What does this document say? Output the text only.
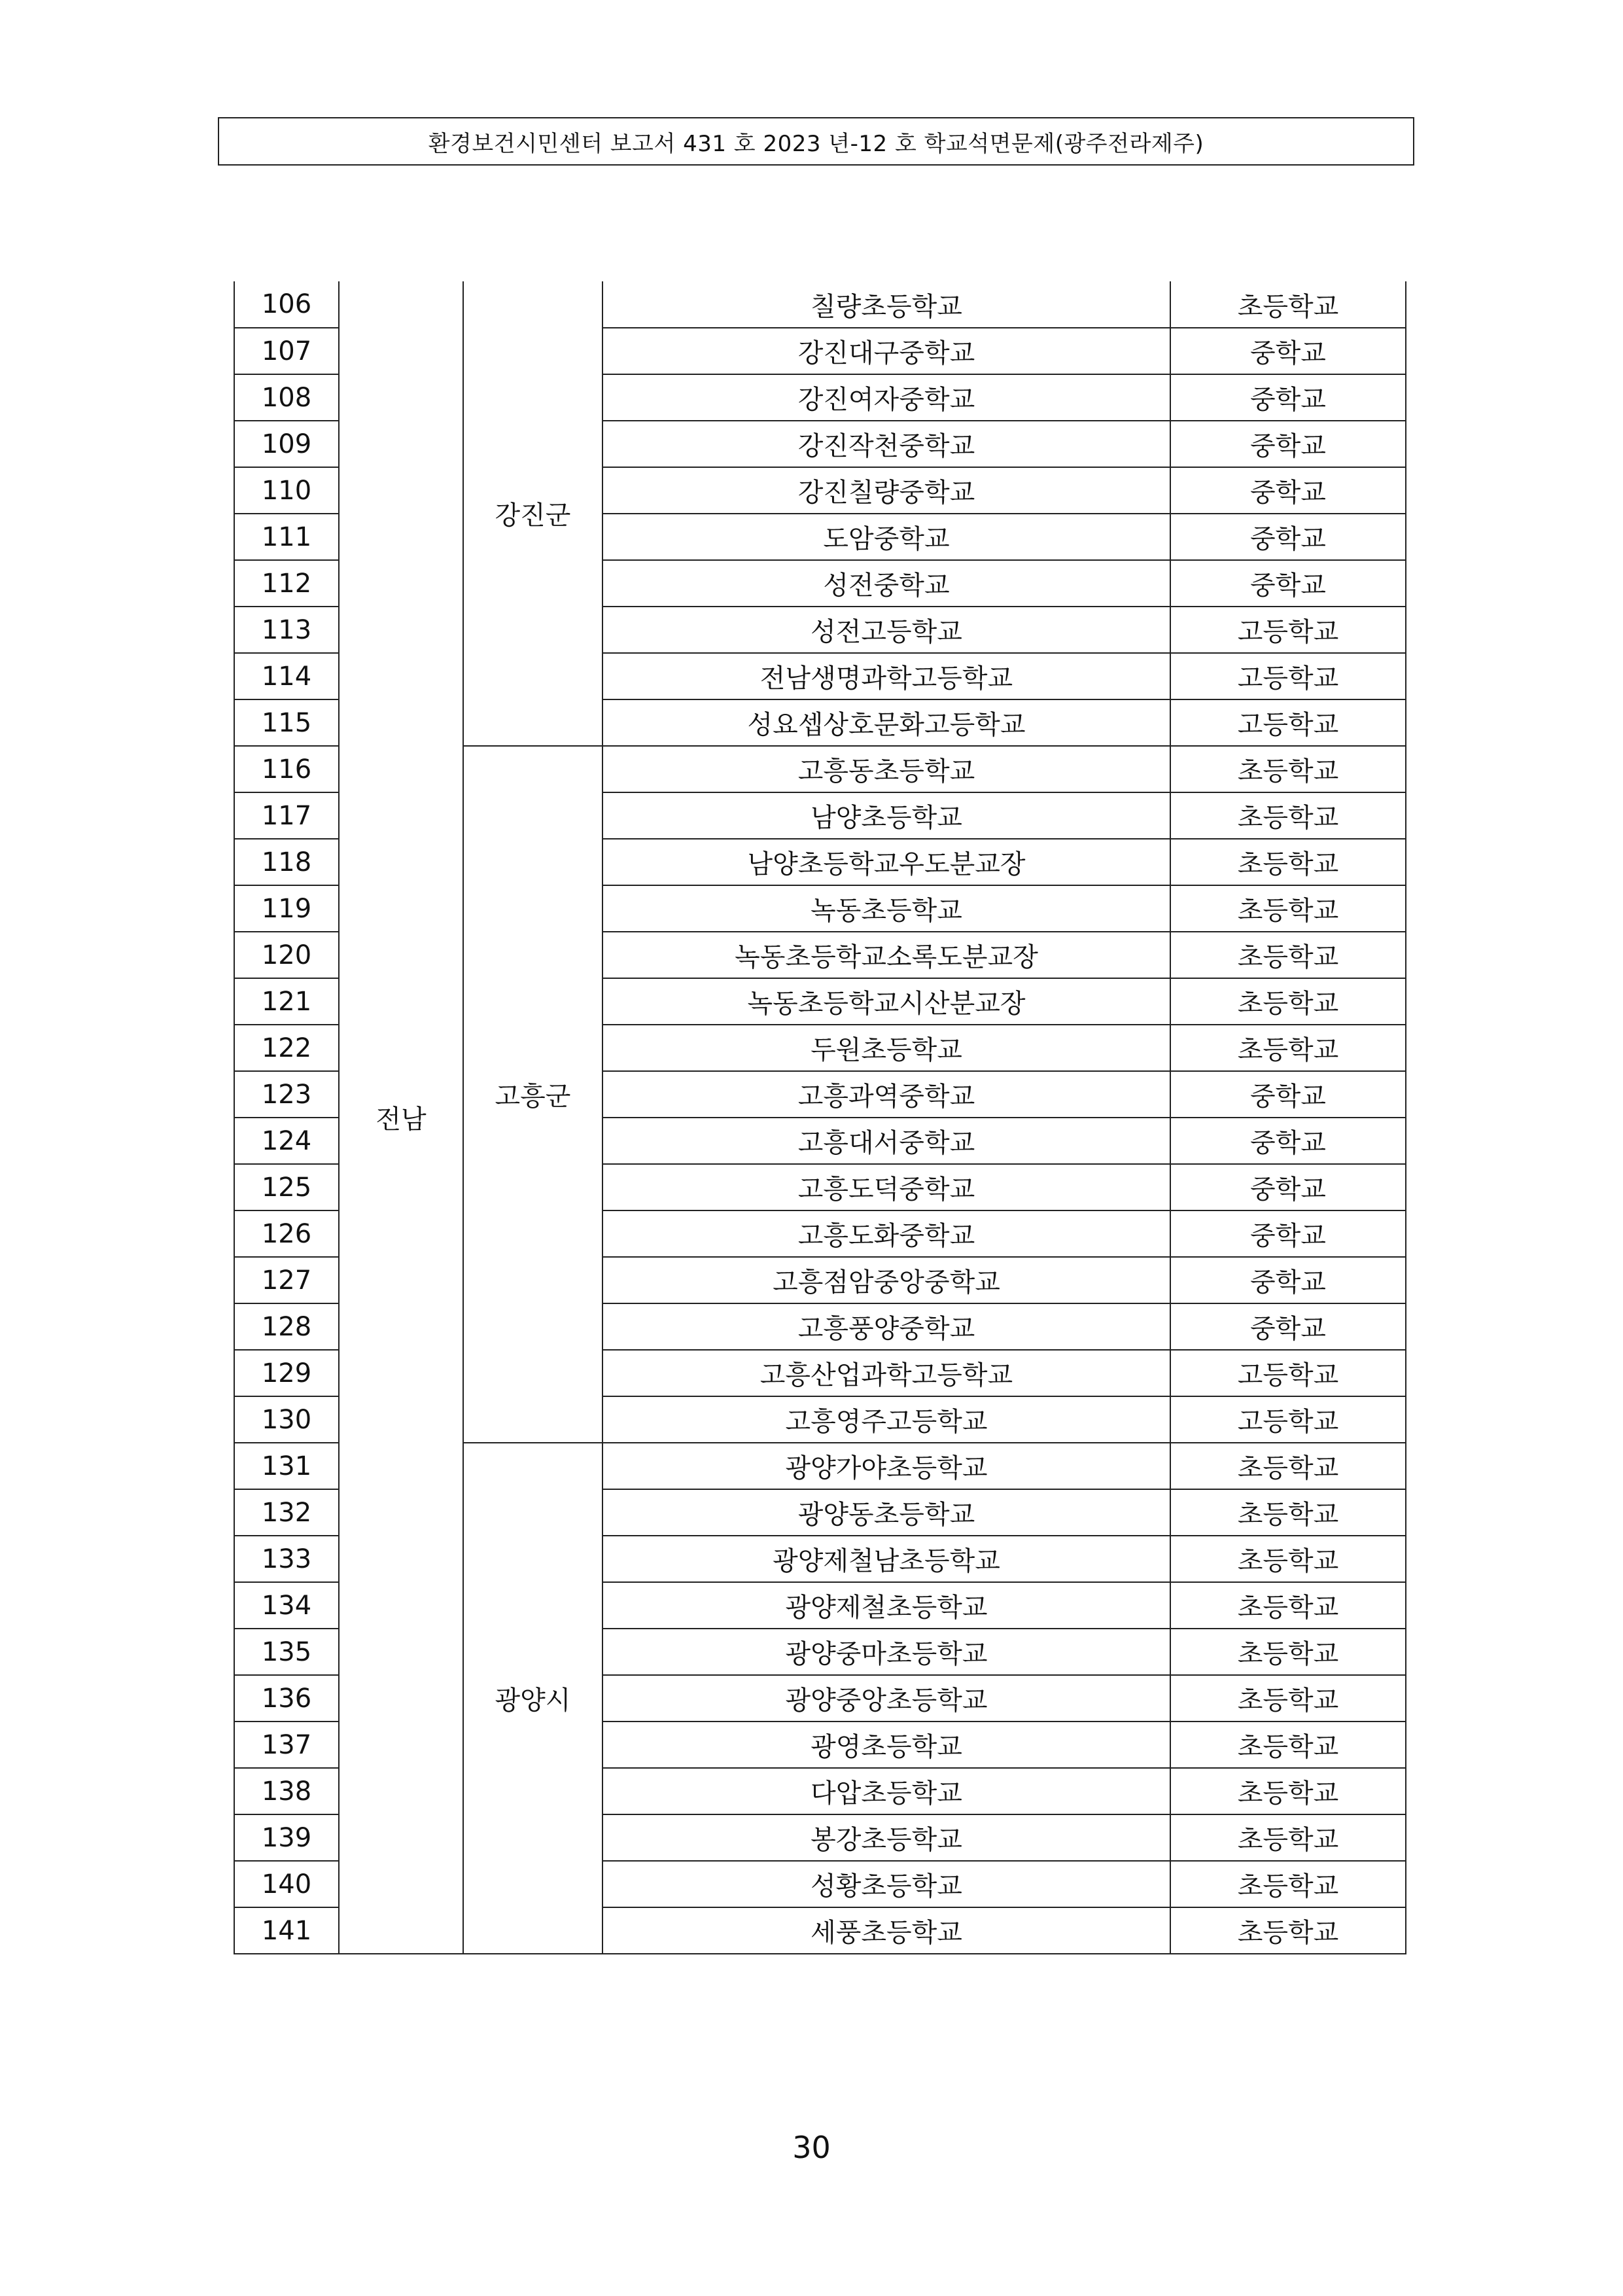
환경보건시민센터 보고서 431 호 2023 년-12 호 학교석면문제(광주전라제주)
106	전남	강진군	칠량초등학교	초등학교
107			강진대구중학교	중학교
108			강진여자중학교	중학교
109			강진작천중학교	중학교
110			강진칠량중학교	중학교
111			도암중학교	중학교
112			성전중학교	중학교
113			성전고등학교	고등학교
114			전남생명과학고등학교	고등학교
115			성요셉상호문화고등학교	고등학교
116		고흥군	고흥동초등학교	초등학교
117			남양초등학교	초등학교
118			남양초등학교우도분교장	초등학교
119			녹동초등학교	초등학교
120			녹동초등학교소록도분교장	초등학교
121			녹동초등학교시산분교장	초등학교
122			두원초등학교	초등학교
123			고흥과역중학교	중학교
124			고흥대서중학교	중학교
125			고흥도덕중학교	중학교
126			고흥도화중학교	중학교
127			고흥점암중앙중학교	중학교
128			고흥풍양중학교	중학교
129			고흥산업과학고등학교	고등학교
130			고흥영주고등학교	고등학교
131		광양시	광양가야초등학교	초등학교
132			광양동초등학교	초등학교
133			광양제철남초등학교	초등학교
134			광양제철초등학교	초등학교
135			광양중마초등학교	초등학교
136			광양중앙초등학교	초등학교
137			광영초등학교	초등학교
138			다압초등학교	초등학교
139			봉강초등학교	초등학교
140			성황초등학교	초등학교
141			세풍초등학교	초등학교
30
